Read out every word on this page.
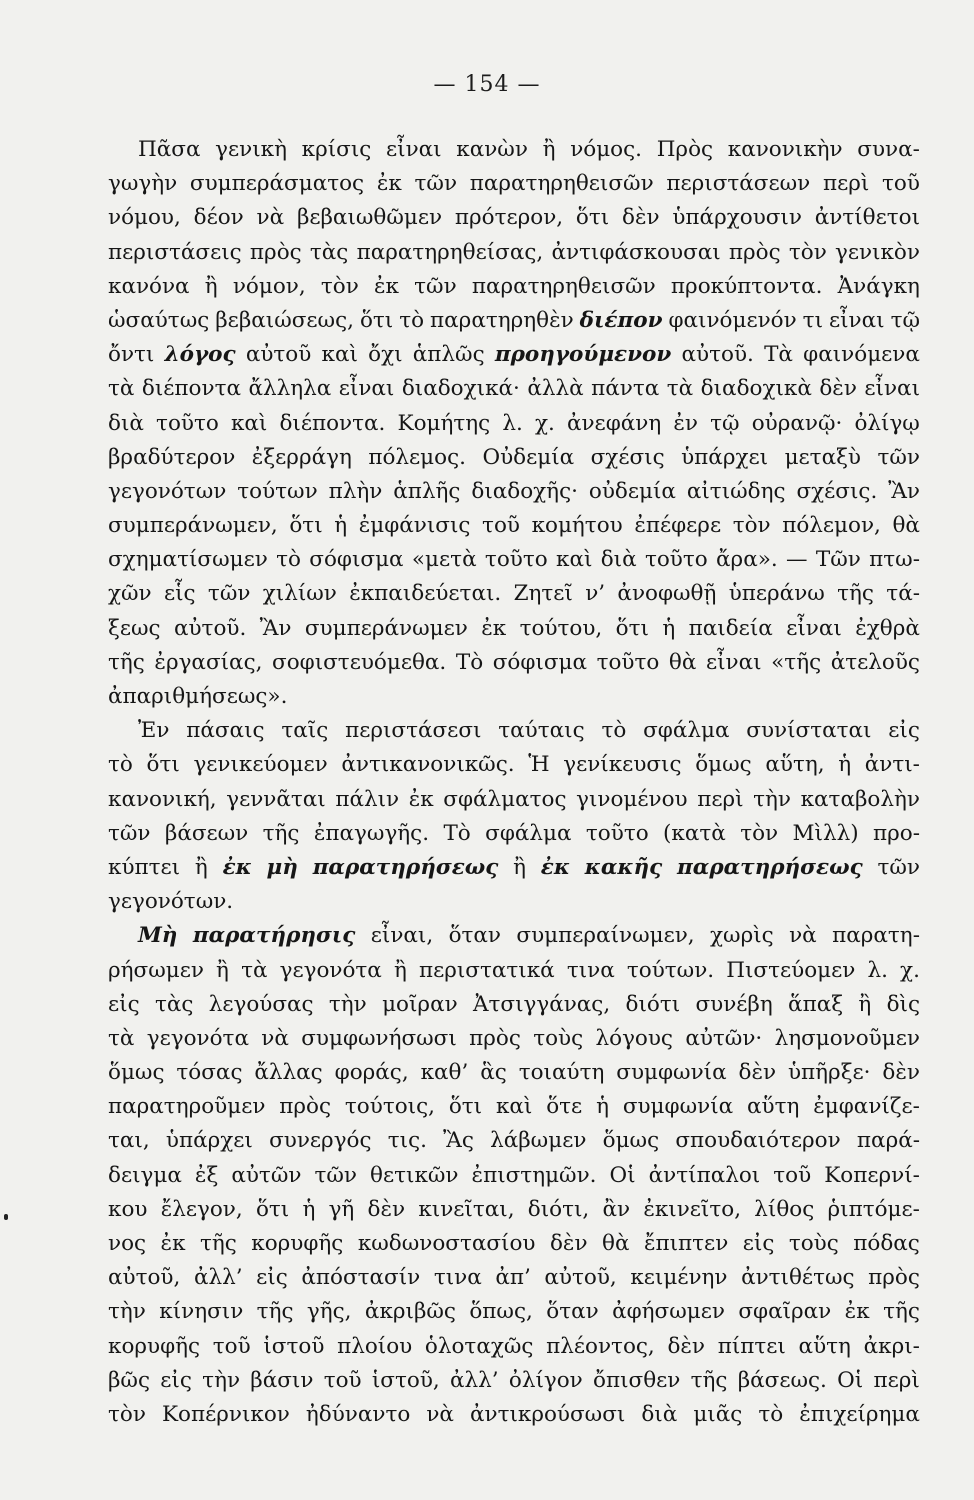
— 154 —
Πᾶσα γενικὴ κρίσις εἶναι κανὼν ἢ νόμος. Πρὸς κανονικὴν συνα-
γωγὴν συμπεράσματος ἐκ τῶν παρατηρηθεισῶν περιστάσεων περὶ τοῦ
νόμου, δέον νὰ βεβαιωθῶμεν πρότερον, ὅτι δὲν ὑπάρχουσιν ἀντίθετοι
περιστάσεις πρὸς τὰς παρατηρηθείσας, ἀντιφάσκουσαι πρὸς τὸν γενικὸν
κανόνα ἢ νόμον, τὸν ἐκ τῶν παρατηρηθεισῶν προκύπτοντα. Ἀνάγκη
ὡσαύτως βεβαιώσεως, ὅτι τὸ παρατηρηθὲν διέπον φαινόμενόν τι εἶναι τῷ
ὄντι λόγος αὐτοῦ καὶ ὄχι ἁπλῶς προηγούμενον αὐτοῦ. Τὰ φαινόμενα
τὰ διέποντα ἄλληλα εἶναι διαδοχικά· ἀλλὰ πάντα τὰ διαδοχικὰ δὲν εἶναι
διὰ τοῦτο καὶ διέποντα. Κομήτης λ. χ. ἀνεφάνη ἐν τῷ οὐρανῷ· ὀλίγῳ
βραδύτερον ἐξερράγη πόλεμος. Οὐδεμία σχέσις ὑπάρχει μεταξὺ τῶν
γεγονότων τούτων πλὴν ἁπλῆς διαδοχῆς· οὐδεμία αἰτιώδης σχέσις. Ἂν
συμπεράνωμεν, ὅτι ἡ ἐμφάνισις τοῦ κομήτου ἐπέφερε τὸν πόλεμον, θὰ
σχηματίσωμεν τὸ σόφισμα «μετὰ τοῦτο καὶ διὰ τοῦτο ἄρα». — Τῶν πτω-
χῶν εἷς τῶν χιλίων ἐκπαιδεύεται. Ζητεῖ ν’ ἀνοφωθῇ ὑπεράνω τῆς τά-
ξεως αὐτοῦ. Ἂν συμπεράνωμεν ἐκ τούτου, ὅτι ἡ παιδεία εἶναι ἐχθρὰ
τῆς ἐργασίας, σοφιστευόμεθα. Τὸ σόφισμα τοῦτο θὰ εἶναι «τῆς ἀτελοῦς
ἀπαριθμήσεως».
Ἐν πάσαις ταῖς περιστάσεσι ταύταις τὸ σφάλμα συνίσταται εἰς
τὸ ὅτι γενικεύομεν ἀντικανονικῶς. Ἡ γενίκευσις ὅμως αὕτη, ἡ ἀντι-
κανονική, γεννᾶται πάλιν ἐκ σφάλματος γινομένου περὶ τὴν καταβολὴν
τῶν βάσεων τῆς ἐπαγωγῆς. Τὸ σφάλμα τοῦτο (κατὰ τὸν Μὶλλ) προ-
κύπτει ἢ ἐκ μὴ παρατηρήσεως ἢ ἐκ κακῆς παρατηρήσεως τῶν
γεγονότων.
Μὴ παρατήρησις εἶναι, ὅταν συμπεραίνωμεν, χωρὶς νὰ παρατη-
ρήσωμεν ἢ τὰ γεγονότα ἢ περιστατικά τινα τούτων. Πιστεύομεν λ. χ.
εἰς τὰς λεγούσας τὴν μοῖραν Ἀτσιγγάνας, διότι συνέβη ἅπαξ ἢ δὶς
τὰ γεγονότα νὰ συμφωνήσωσι πρὸς τοὺς λόγους αὐτῶν· λησμονοῦμεν
ὅμως τόσας ἄλλας φοράς, καθ’ ἃς τοιαύτη συμφωνία δὲν ὑπῆρξε· δὲν
παρατηροῦμεν πρὸς τούτοις, ὅτι καὶ ὅτε ἡ συμφωνία αὕτη ἐμφανίζε-
ται, ὑπάρχει συνεργός τις. Ἂς λάβωμεν ὅμως σπουδαιότερον παρά-
δειγμα ἐξ αὐτῶν τῶν θετικῶν ἐπιστημῶν. Οἱ ἀντίπαλοι τοῦ Κοπερνί-
κου ἔλεγον, ὅτι ἡ γῆ δὲν κινεῖται, διότι, ἂν ἐκινεῖτο, λίθος ῥιπτόμε-
νος ἐκ τῆς κορυφῆς κωδωνοστασίου δὲν θὰ ἔπιπτεν εἰς τοὺς πόδας
αὐτοῦ, ἀλλ’ εἰς ἀπόστασίν τινα ἀπ’ αὐτοῦ, κειμένην ἀντιθέτως πρὸς
τὴν κίνησιν τῆς γῆς, ἀκριβῶς ὅπως, ὅταν ἀφήσωμεν σφαῖραν ἐκ τῆς
κορυφῆς τοῦ ἱστοῦ πλοίου ὁλοταχῶς πλέοντος, δὲν πίπτει αὕτη ἀκρι-
βῶς εἰς τὴν βάσιν τοῦ ἱστοῦ, ἀλλ’ ὀλίγον ὄπισθεν τῆς βάσεως. Οἱ περὶ
τὸν Κοπέρνικον ἠδύναντο νὰ ἀντικρούσωσι διὰ μιᾶς τὸ ἐπιχείρημα
